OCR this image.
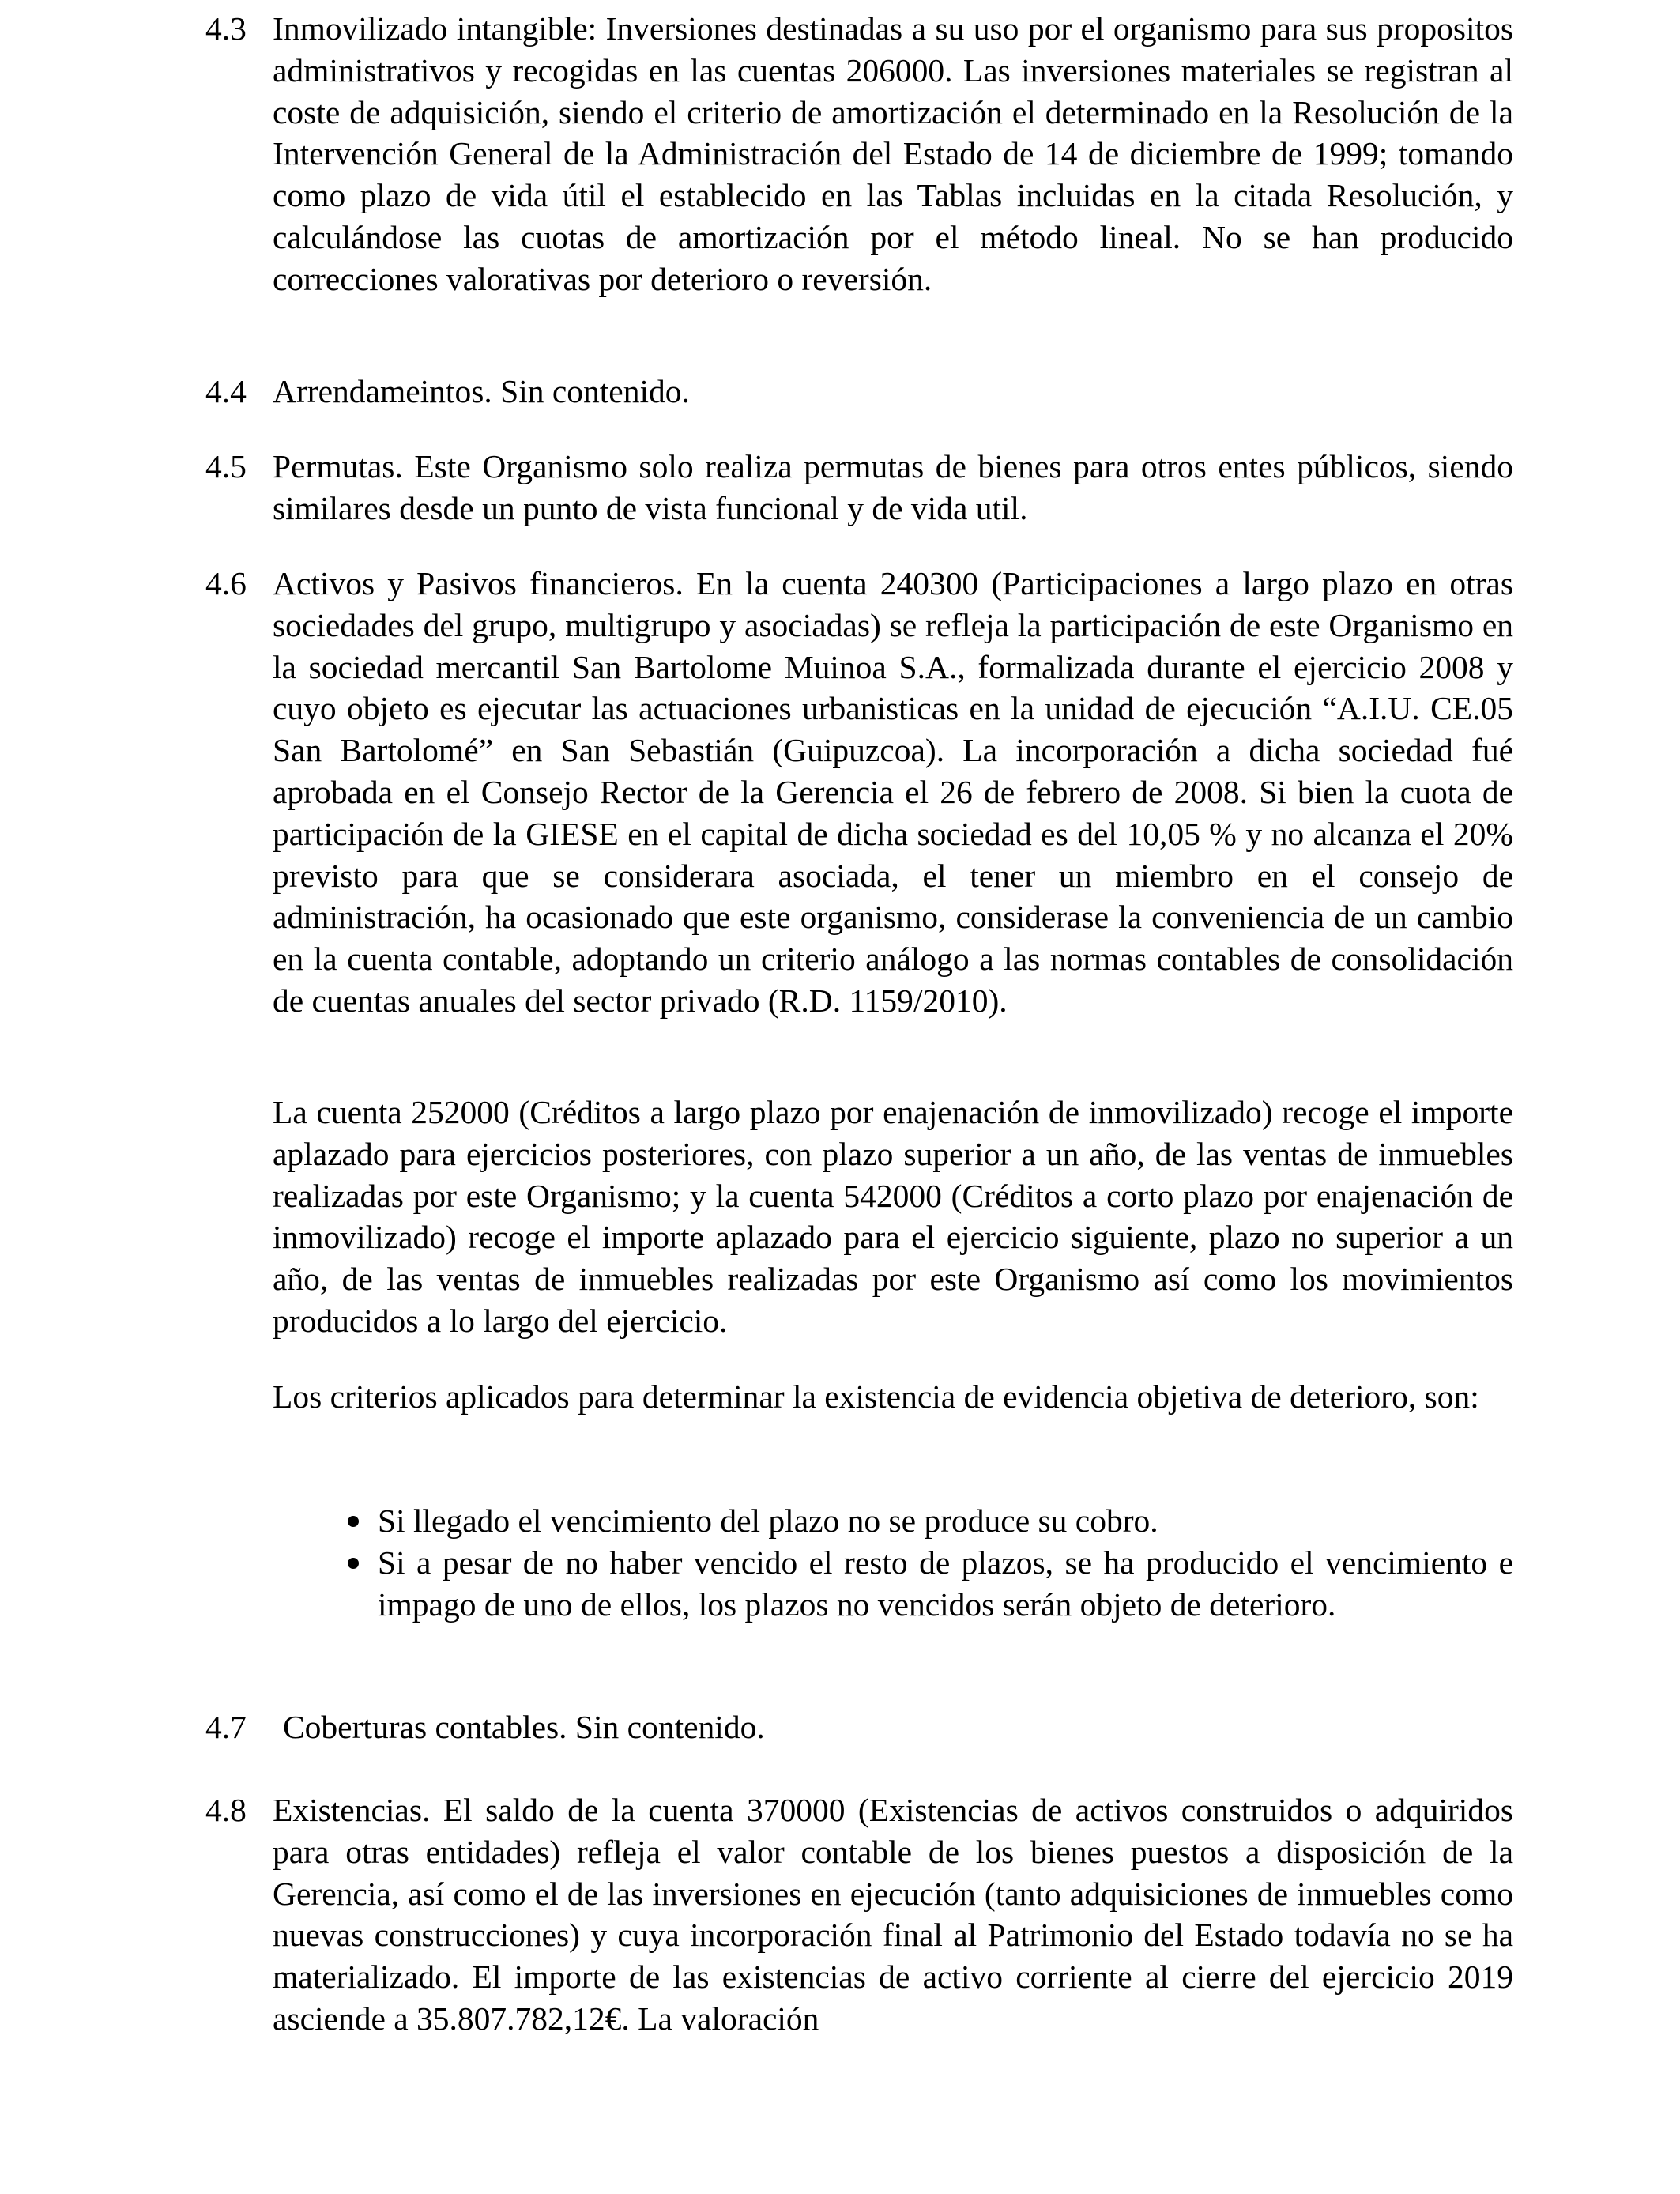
4.3 Inmovilizado intangible: Inversiones destinadas a su uso por el organismo para sus propositos administrativos y recogidas en las cuentas 206000. Las inversiones materiales se registran al coste de adquisición, siendo el criterio de amortización el determinado en la Resolución de la Intervención General de la Administración del Estado de 14 de diciembre de 1999; tomando como plazo de vida útil el establecido en las Tablas incluidas en la citada Resolución, y calculándose las cuotas de amortización por el método lineal. No se han producido correcciones valorativas por deterioro o reversión.

4.4 Arrendameintos. Sin contenido.

4.5 Permutas. Este Organismo solo realiza permutas de bienes para otros entes públicos, siendo similares desde un punto de vista funcional y de vida util.

4.6 Activos y Pasivos financieros. En la cuenta 240300 (Participaciones a largo plazo en otras sociedades del grupo, multigrupo y asociadas) se refleja la participación de este Organismo en la sociedad mercantil San Bartolome Muinoa S.A., formalizada durante el ejercicio 2008 y cuyo objeto es ejecutar las actuaciones urbanisticas en la unidad de ejecución “A.I.U. CE.05 San Bartolomé” en San Sebastián (Guipuzcoa). La incorporación a dicha sociedad fué aprobada en el Consejo Rector de la Gerencia el 26 de febrero de 2008. Si bien la cuota de participación de la GIESE en el capital de dicha sociedad es del 10,05 % y no alcanza el 20% previsto para que se considerara asociada, el tener un miembro en el consejo de administración, ha ocasionado que este organismo, considerase la conveniencia de un cambio en la cuenta contable, adoptando un criterio análogo a las normas contables de consolidación de cuentas anuales del sector privado (R.D. 1159/2010).

La cuenta 252000 (Créditos a largo plazo por enajenación de inmovilizado) recoge el importe aplazado para ejercicios posteriores, con plazo superior a un año, de las ventas de inmuebles realizadas por este Organismo; y la cuenta 542000 (Créditos a corto plazo por enajenación de inmovilizado) recoge el importe aplazado para el ejercicio siguiente, plazo no superior a un año, de las ventas de inmuebles realizadas por este Organismo así como los movimientos producidos a lo largo del ejercicio.

Los criterios aplicados para determinar la existencia de evidencia objetiva de deterioro, son:

Si llegado el vencimiento del plazo no se produce su cobro.
Si a pesar de no haber vencido el resto de plazos, se ha producido el vencimiento e impago de uno de ellos, los plazos no vencidos serán objeto de deterioro.
4.7 Coberturas contables. Sin contenido.

4.8 Existencias. El saldo de la cuenta 370000 (Existencias de activos construidos o adquiridos para otras entidades) refleja el valor contable de los bienes puestos a disposición de la Gerencia, así como el de las inversiones en ejecución (tanto adquisiciones de inmuebles como nuevas construcciones) y cuya incorporación final al Patrimonio del Estado todavía no se ha materializado. El importe de las existencias de activo corriente al cierre del ejercicio 2019 asciende a 35.807.782,12€. La valoración
